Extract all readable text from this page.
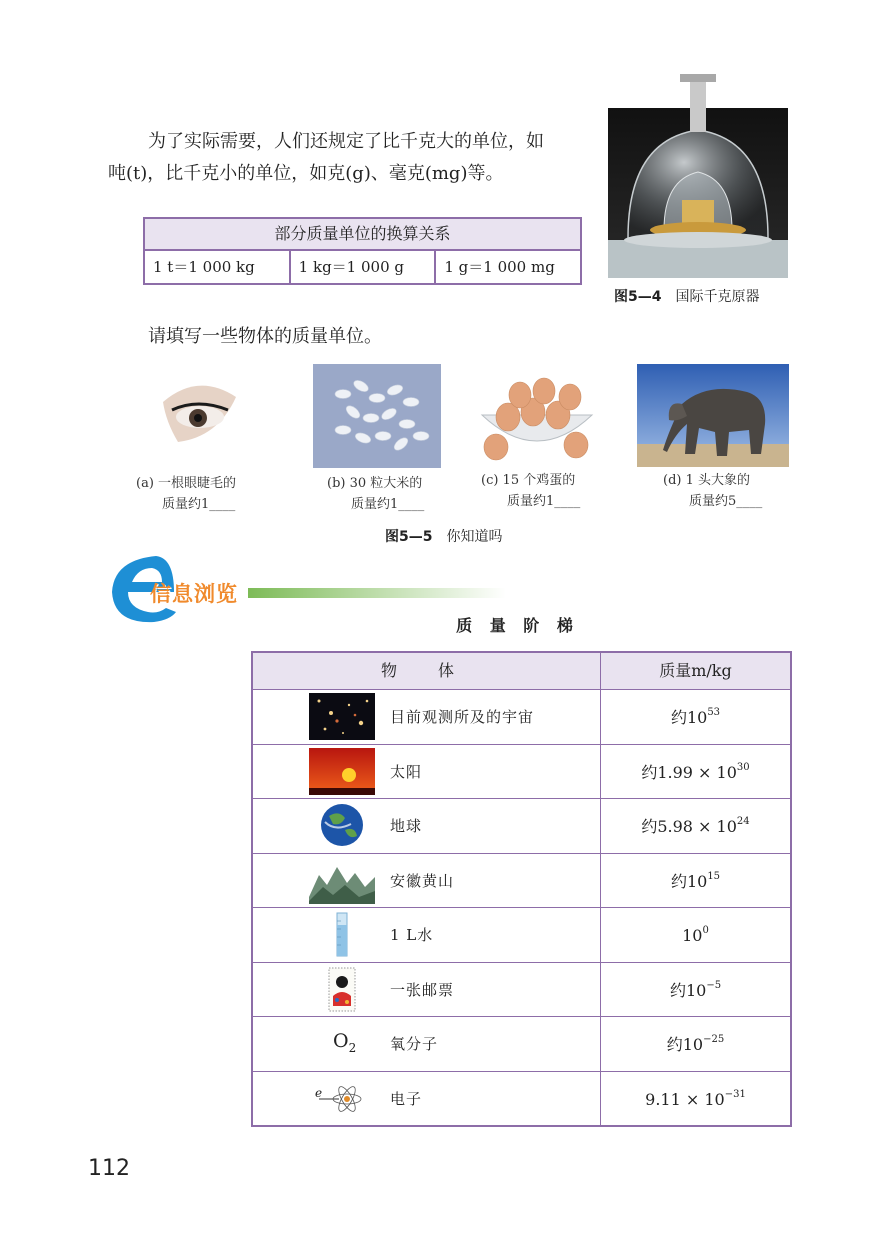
为了实际需要，人们还规定了比千克大的单位，如

吨(t)，比千克小的单位，如克(g)、毫克(mg)等。
部分质量单位的换算关系
1 t＝1 000 kg	1 kg＝1 000 g	1 g＝1 000 mg
图5—4 国际千克原器
请填写一些物体的质量单位。
(a) 一根眼睫毛的
质量约1____
(b) 30 粒大米的
质量约1____
(c) 15 个鸡蛋的
质量约1____
(d) 1 头大象的
质量约5____
图5—5 你知道吗
信息浏览
质 量 阶 梯
物 体	质量m/kg
目前观测所及的宇宙	约$10^{53}$
太阳	约$1.99 \times 10^{30}$
地球	约$5.98 \times 10^{24}$
安徽黄山	约$10^{15}$
1 L水	$10^0$
一张邮票	约$10^{-5}$
$O_2$ 氧分子	约$10^{-25}$
e	电子	$9.11 \times 10^{-31}$
112
